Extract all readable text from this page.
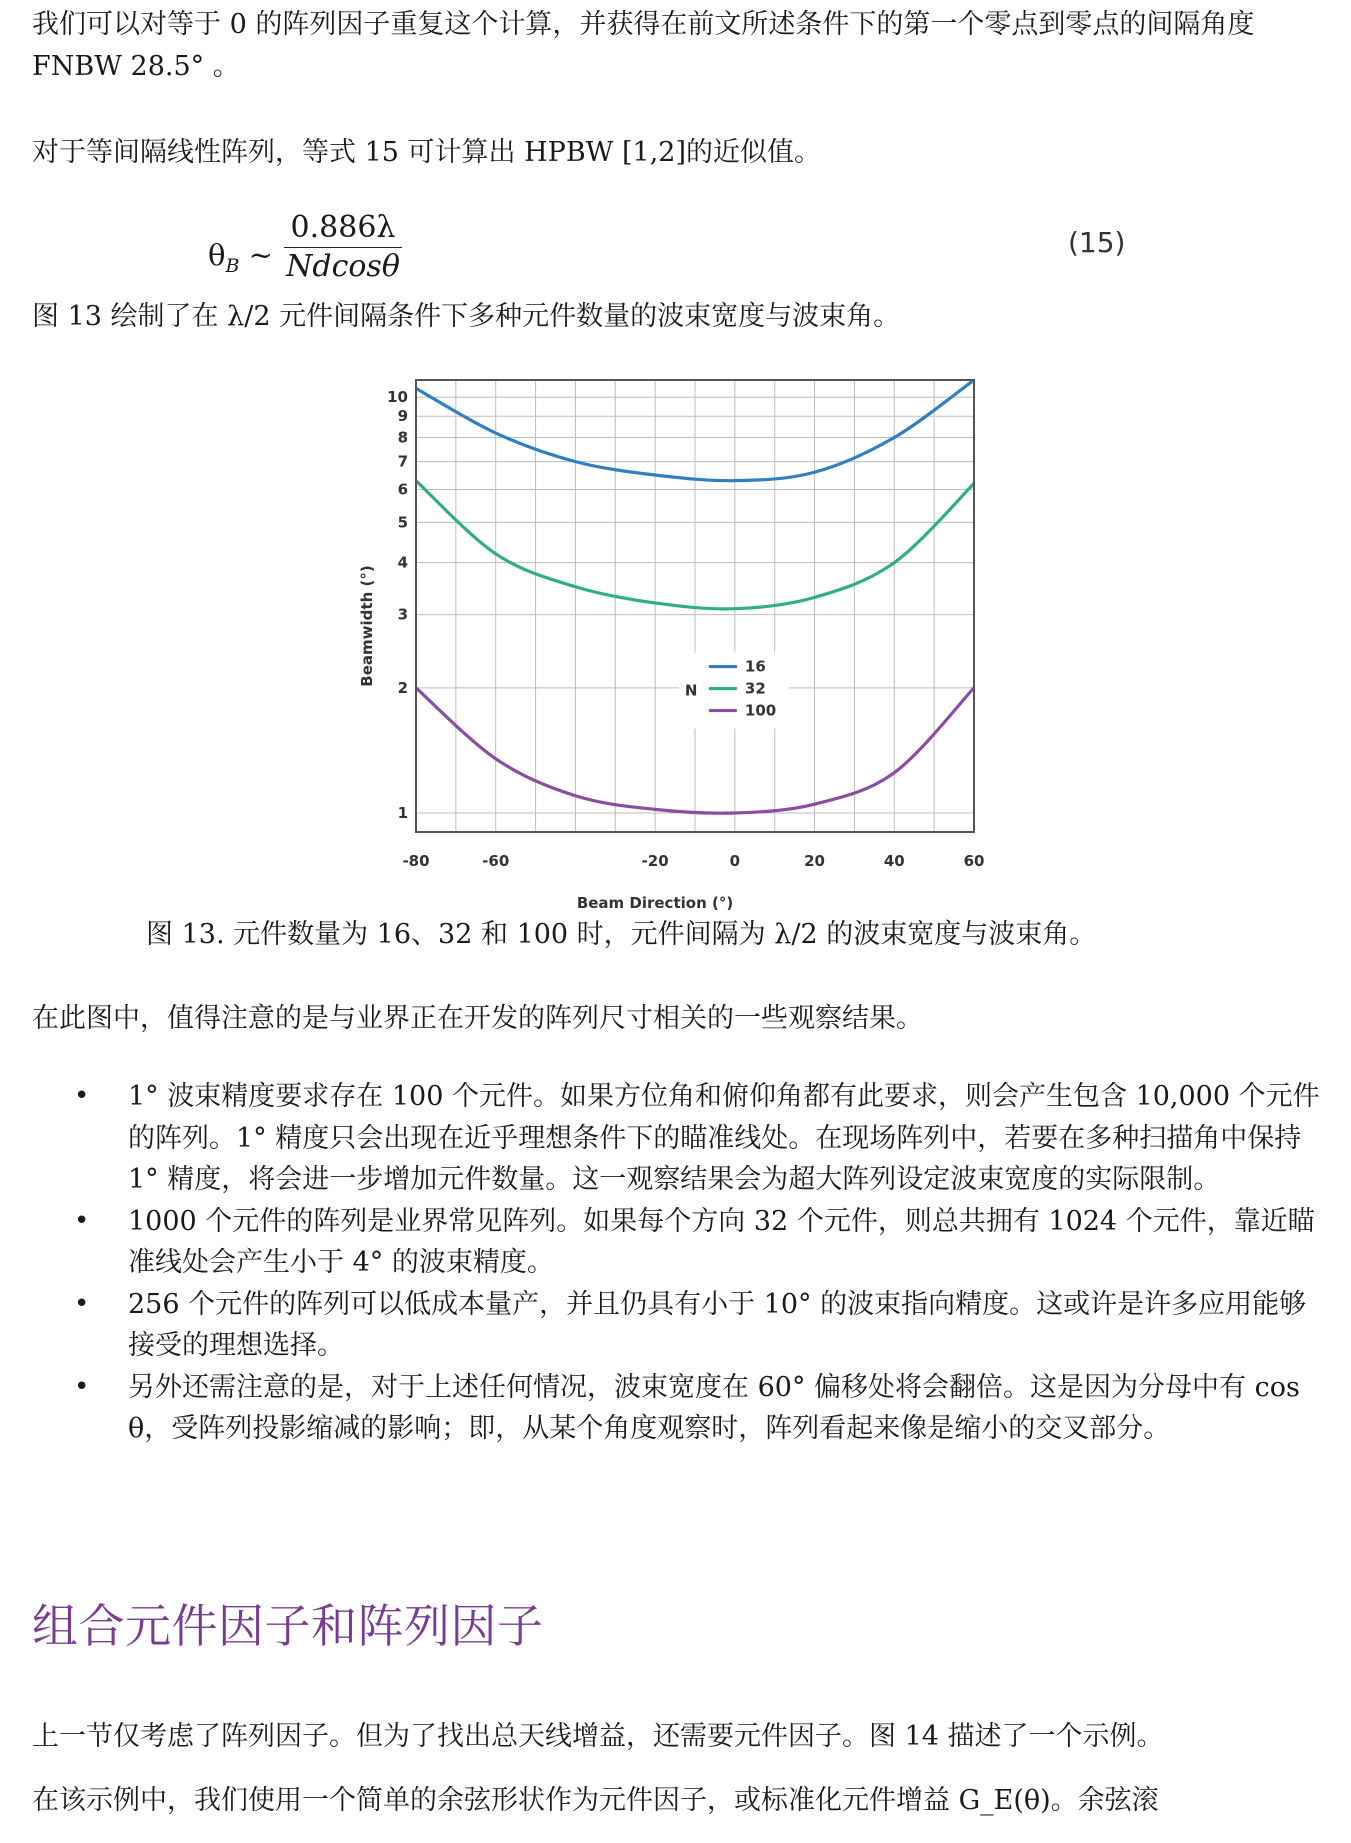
我们可以对等于 0 的阵列因子重复这个计算，并获得在前文所述条件下的第一个零点到零点的间隔角度 FNBW 28.5° 。

对于等间隔线性阵列，等式 15 可计算出 HPBW [1,2]的近似值。

$\theta_B$ ~ $\frac{0.886\lambda}{Ndcos\theta}$	(15)

图 13 绘制了在 λ/2 元件间隔条件下多种元件数量的波束宽度与波束角。

N
16
32
100
1
2
3
4
5
6
7
8
9
10
-80	-60	-20	0	20	40	60
Beam Direction (°)
Beamwidth (°)

图 13. 元件数量为 16、32 和 100 时，元件间隔为 λ/2 的波束宽度与波束角。

在此图中，值得注意的是与业界正在开发的阵列尺寸相关的一些观察结果。

• 1° 波束精度要求存在 100 个元件。如果方位角和俯仰角都有此要求，则会产生包含 10,000 个元件的阵列。1° 精度只会出现在近乎理想条件下的瞄准线处。在现场阵列中，若要在多种扫描角中保持 1° 精度，将会进一步增加元件数量。这一观察结果会为超大阵列设定波束宽度的实际限制。
• 1000 个元件的阵列是业界常见阵列。如果每个方向 32 个元件，则总共拥有 1024 个元件，靠近瞄准线处会产生小于 4° 的波束精度。
• 256 个元件的阵列可以低成本量产，并且仍具有小于 10° 的波束指向精度。这或许是许多应用能够接受的理想选择。
• 另外还需注意的是，对于上述任何情况，波束宽度在 60° 偏移处将会翻倍。这是因为分母中有 cos θ，受阵列投影缩减的影响；即，从某个角度观察时，阵列看起来像是缩小的交叉部分。
组合元件因子和阵列因子

上一节仅考虑了阵列因子。但为了找出总天线增益，还需要元件因子。图 14 描述了一个示例。

在该示例中，我们使用一个简单的余弦形状作为元件因子，或标准化元件增益 G_E(θ)。余弦滚
